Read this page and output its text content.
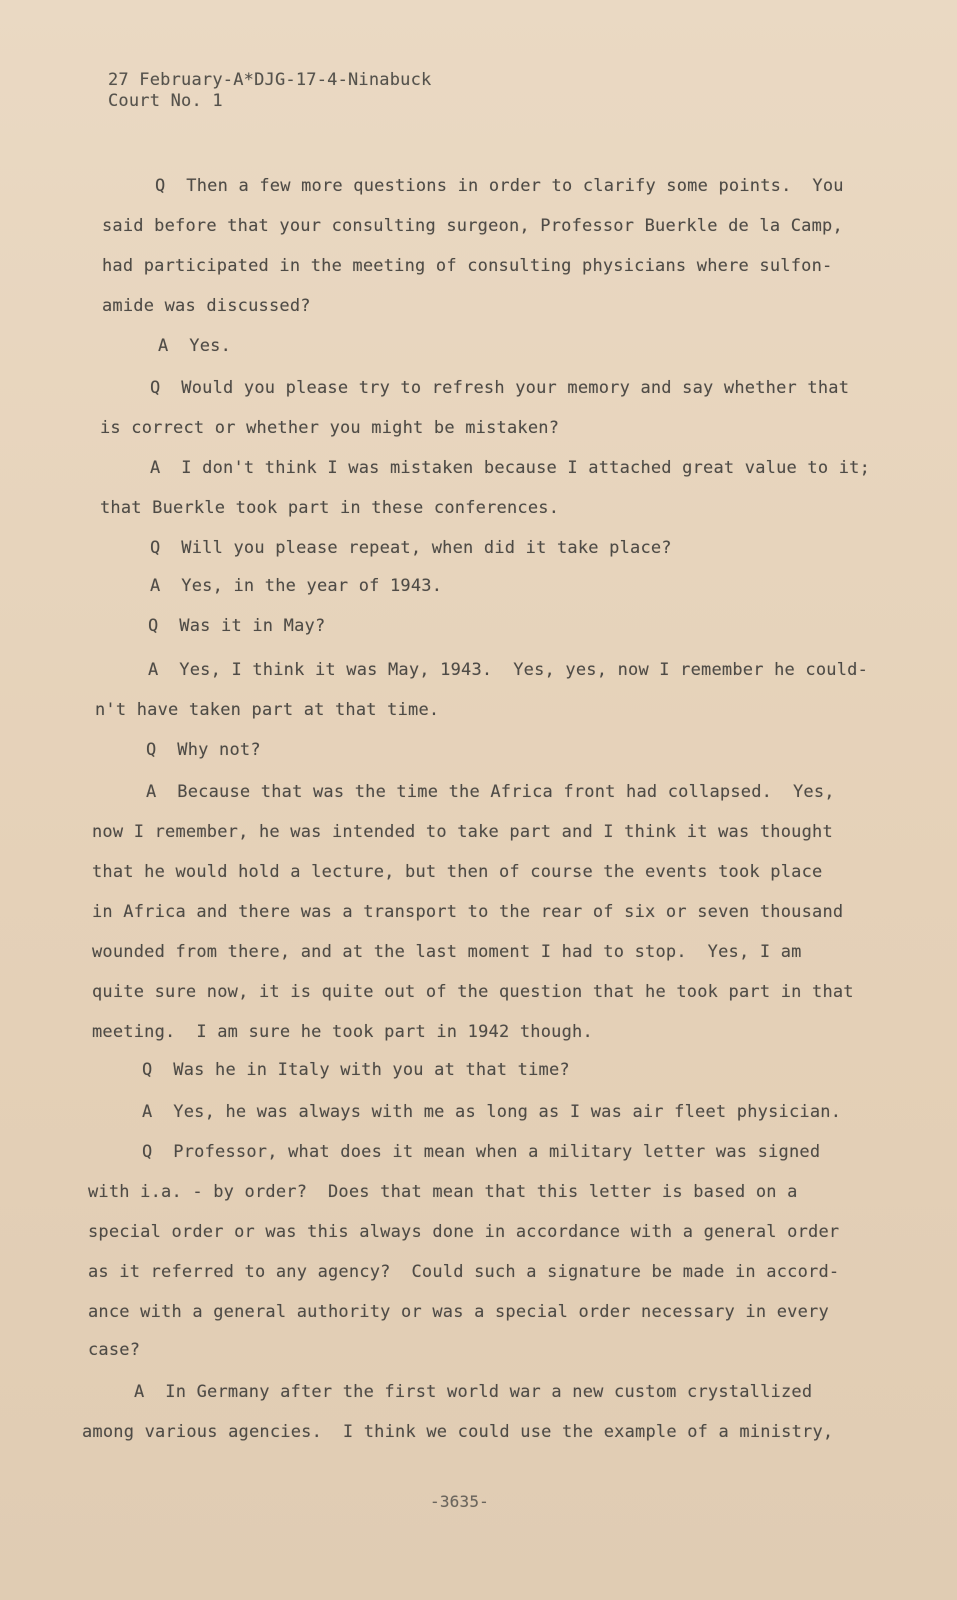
27 February-A*DJG-17-4-Ninabuck
Court No. 1
Q  Then a few more questions in order to clarify some points.  You
said before that your consulting surgeon, Professor Buerkle de la Camp,
had participated in the meeting of consulting physicians where sulfon-
amide was discussed?
A  Yes.
Q  Would you please try to refresh your memory and say whether that
is correct or whether you might be mistaken?
A  I don't think I was mistaken because I attached great value to it;
that Buerkle took part in these conferences.
Q  Will you please repeat, when did it take place?
A  Yes, in the year of 1943.
Q  Was it in May?
A  Yes, I think it was May, 1943.  Yes, yes, now I remember he could-
n't have taken part at that time.
Q  Why not?
A  Because that was the time the Africa front had collapsed.  Yes,
now I remember, he was intended to take part and I think it was thought
that he would hold a lecture, but then of course the events took place
in Africa and there was a transport to the rear of six or seven thousand
wounded from there, and at the last moment I had to stop.  Yes, I am
quite sure now, it is quite out of the question that he took part in that
meeting.  I am sure he took part in 1942 though.
Q  Was he in Italy with you at that time?
A  Yes, he was always with me as long as I was air fleet physician.
Q  Professor, what does it mean when a military letter was signed
with i.a. - by order?  Does that mean that this letter is based on a
special order or was this always done in accordance with a general order
as it referred to any agency?  Could such a signature be made in accord-
ance with a general authority or was a special order necessary in every
case?
A  In Germany after the first world war a new custom crystallized
among various agencies.  I think we could use the example of a ministry,
-3635-
